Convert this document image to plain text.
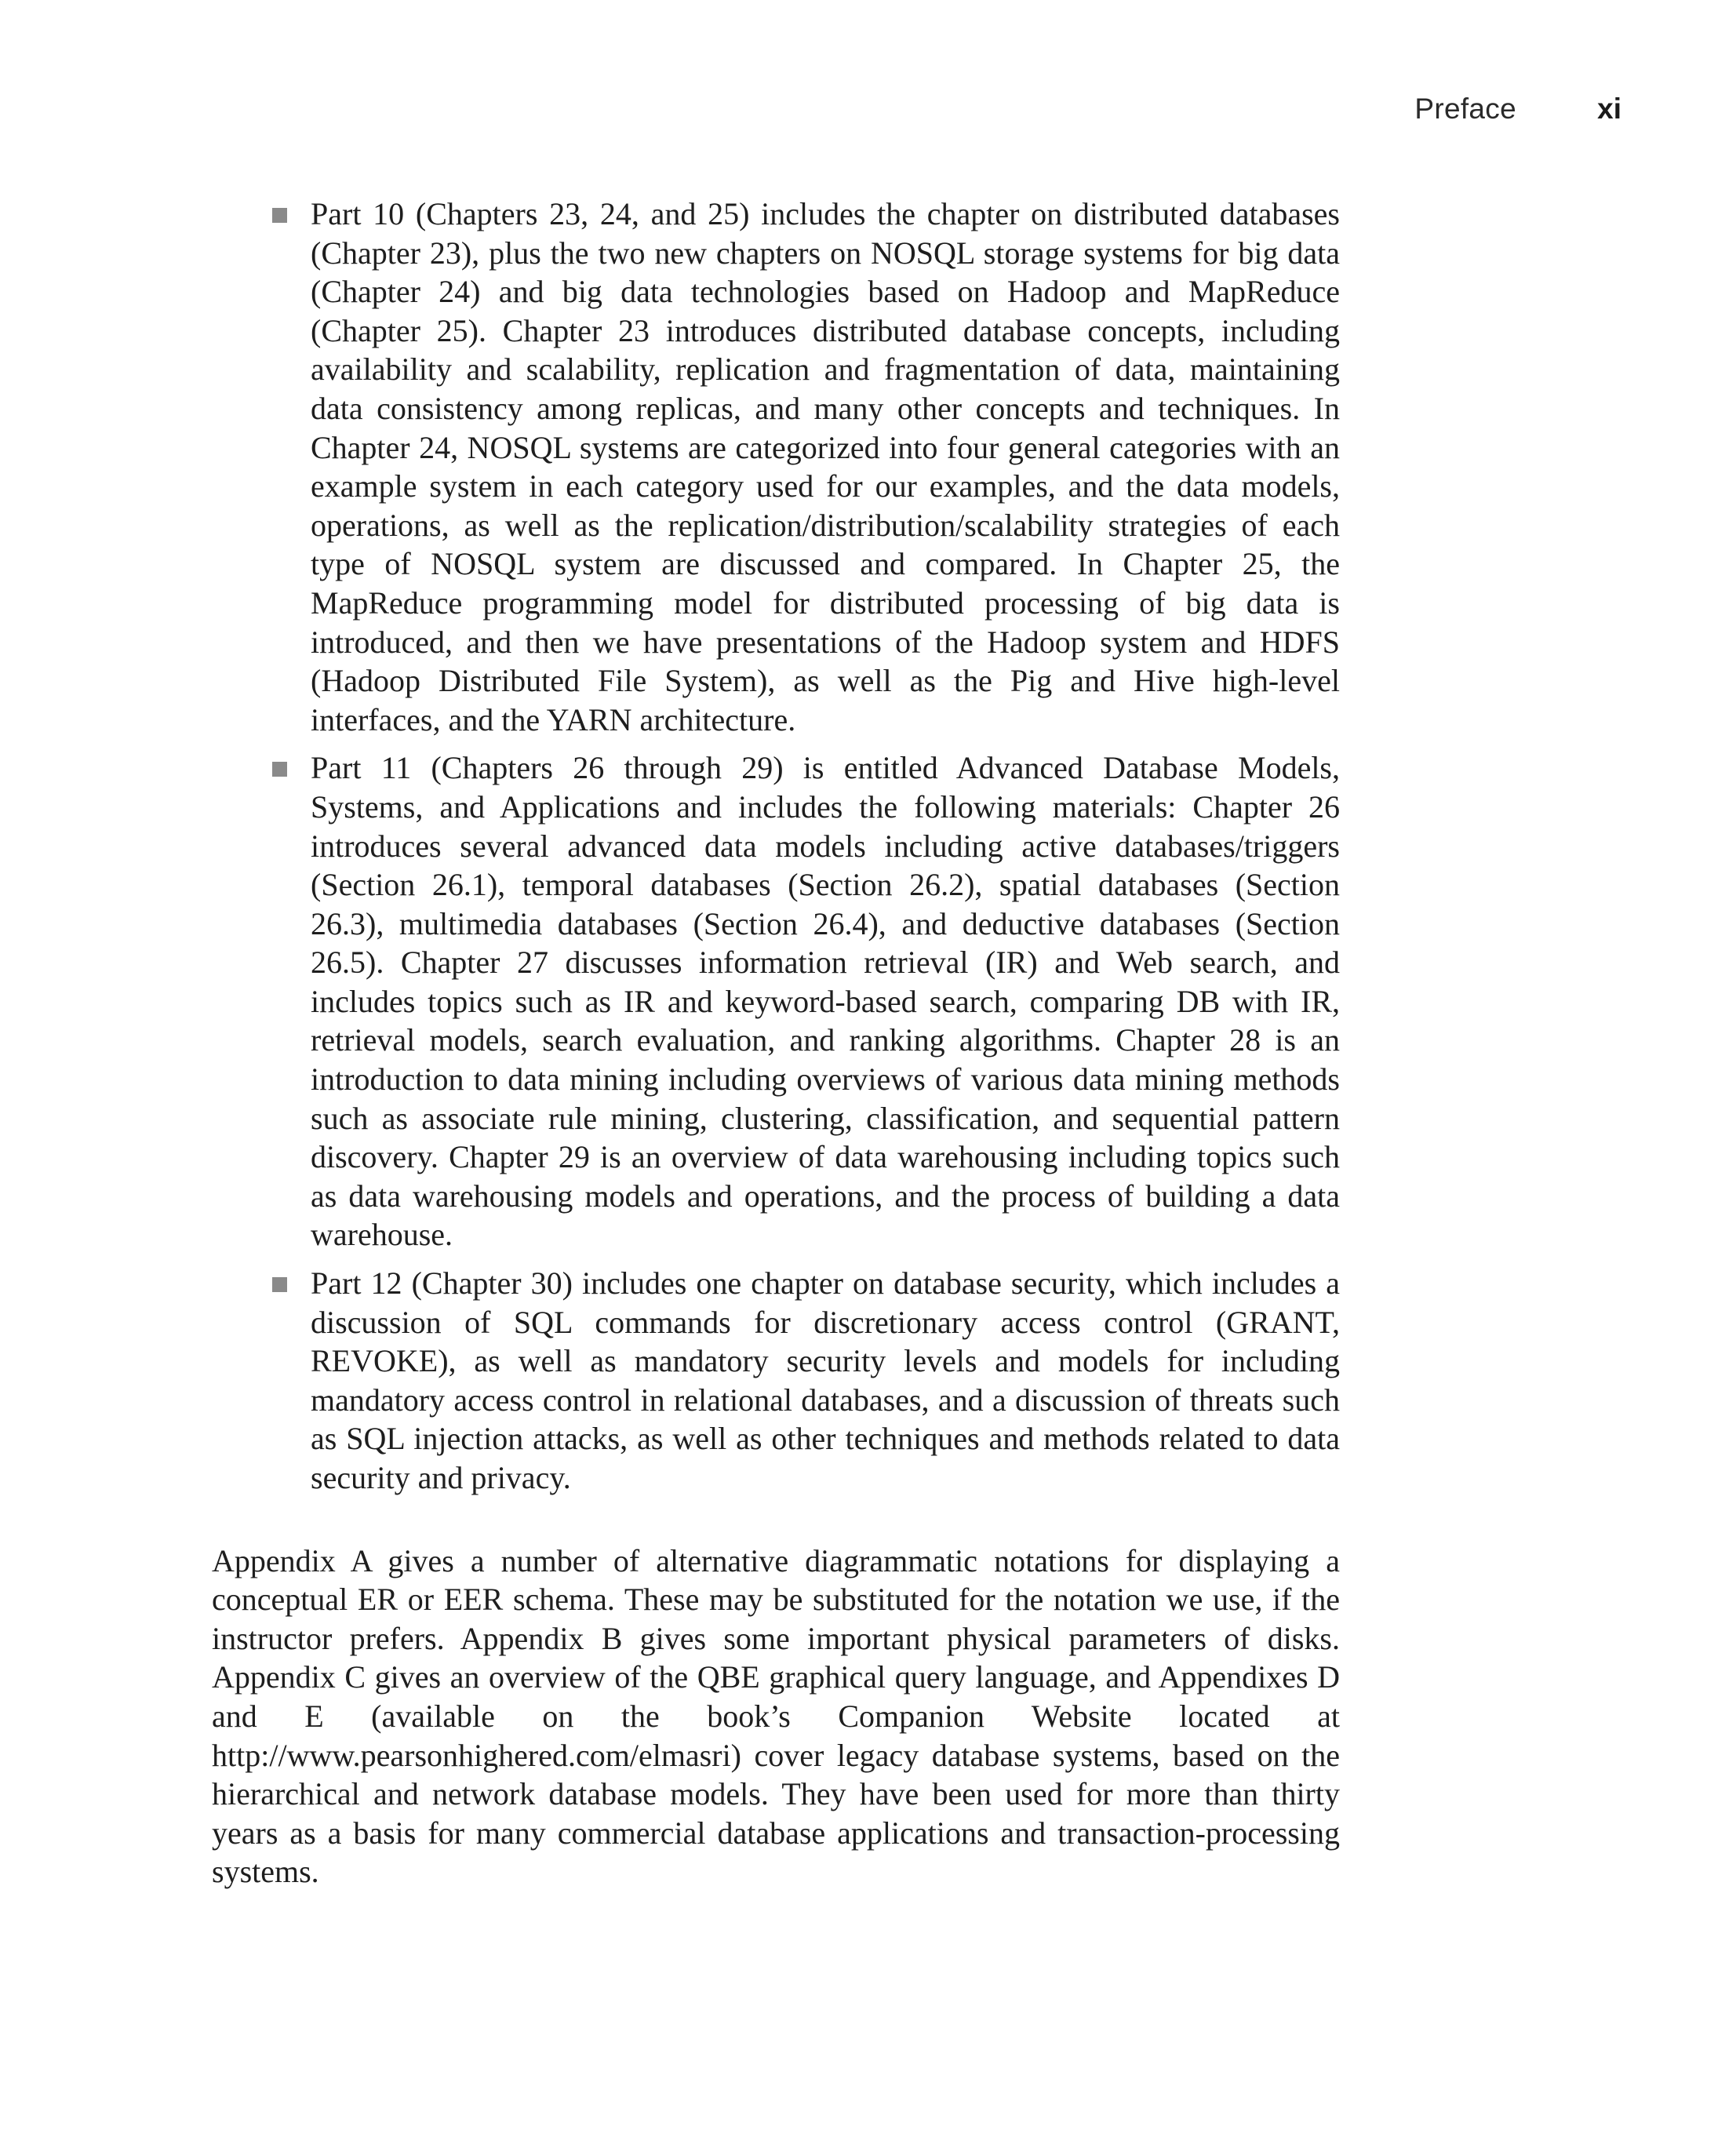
Preface	xi
Part 10 (Chapters 23, 24, and 25) includes the chapter on distributed databases (Chapter 23), plus the two new chapters on NOSQL storage systems for big data (Chapter 24) and big data technologies based on Hadoop and MapReduce (Chapter 25). Chapter 23 introduces distributed database concepts, including availability and scalability, replication and fragmentation of data, maintaining data consistency among replicas, and many other concepts and techniques. In Chapter 24, NOSQL systems are categorized into four general categories with an example system in each category used for our examples, and the data models, operations, as well as the replication/distribution/scalability strategies of each type of NOSQL system are discussed and compared. In Chapter 25, the MapReduce programming model for distributed processing of big data is introduced, and then we have presentations of the Hadoop system and HDFS (Hadoop Distributed File System), as well as the Pig and Hive high-level interfaces, and the YARN architecture.
Part 11 (Chapters 26 through 29) is entitled Advanced Database Models, Systems, and Applications and includes the following materials: Chapter 26 introduces several advanced data models including active databases/triggers (Section 26.1), temporal databases (Section 26.2), spatial databases (Section 26.3), multimedia databases (Section 26.4), and deductive databases (Section 26.5). Chapter 27 discusses information retrieval (IR) and Web search, and includes topics such as IR and keyword-based search, comparing DB with IR, retrieval models, search evaluation, and ranking algorithms. Chapter 28 is an introduction to data mining including overviews of various data mining methods such as associate rule mining, clustering, classification, and sequential pattern discovery. Chapter 29 is an overview of data warehousing including topics such as data warehousing models and operations, and the process of building a data warehouse.
Part 12 (Chapter 30) includes one chapter on database security, which includes a discussion of SQL commands for discretionary access control (GRANT, REVOKE), as well as mandatory security levels and models for including mandatory access control in relational databases, and a discussion of threats such as SQL injection attacks, as well as other techniques and methods related to data security and privacy.

Appendix A gives a number of alternative diagrammatic notations for displaying a conceptual ER or EER schema. These may be substituted for the notation we use, if the instructor prefers. Appendix B gives some important physical parameters of disks. Appendix C gives an overview of the QBE graphical query language, and Appendixes D and E (available on the book’s Companion Website located at http://www.pearsonhighered.com/elmasri) cover legacy database systems, based on the hierarchical and network database models. They have been used for more than thirty years as a basis for many commercial database applications and transaction-processing systems.
